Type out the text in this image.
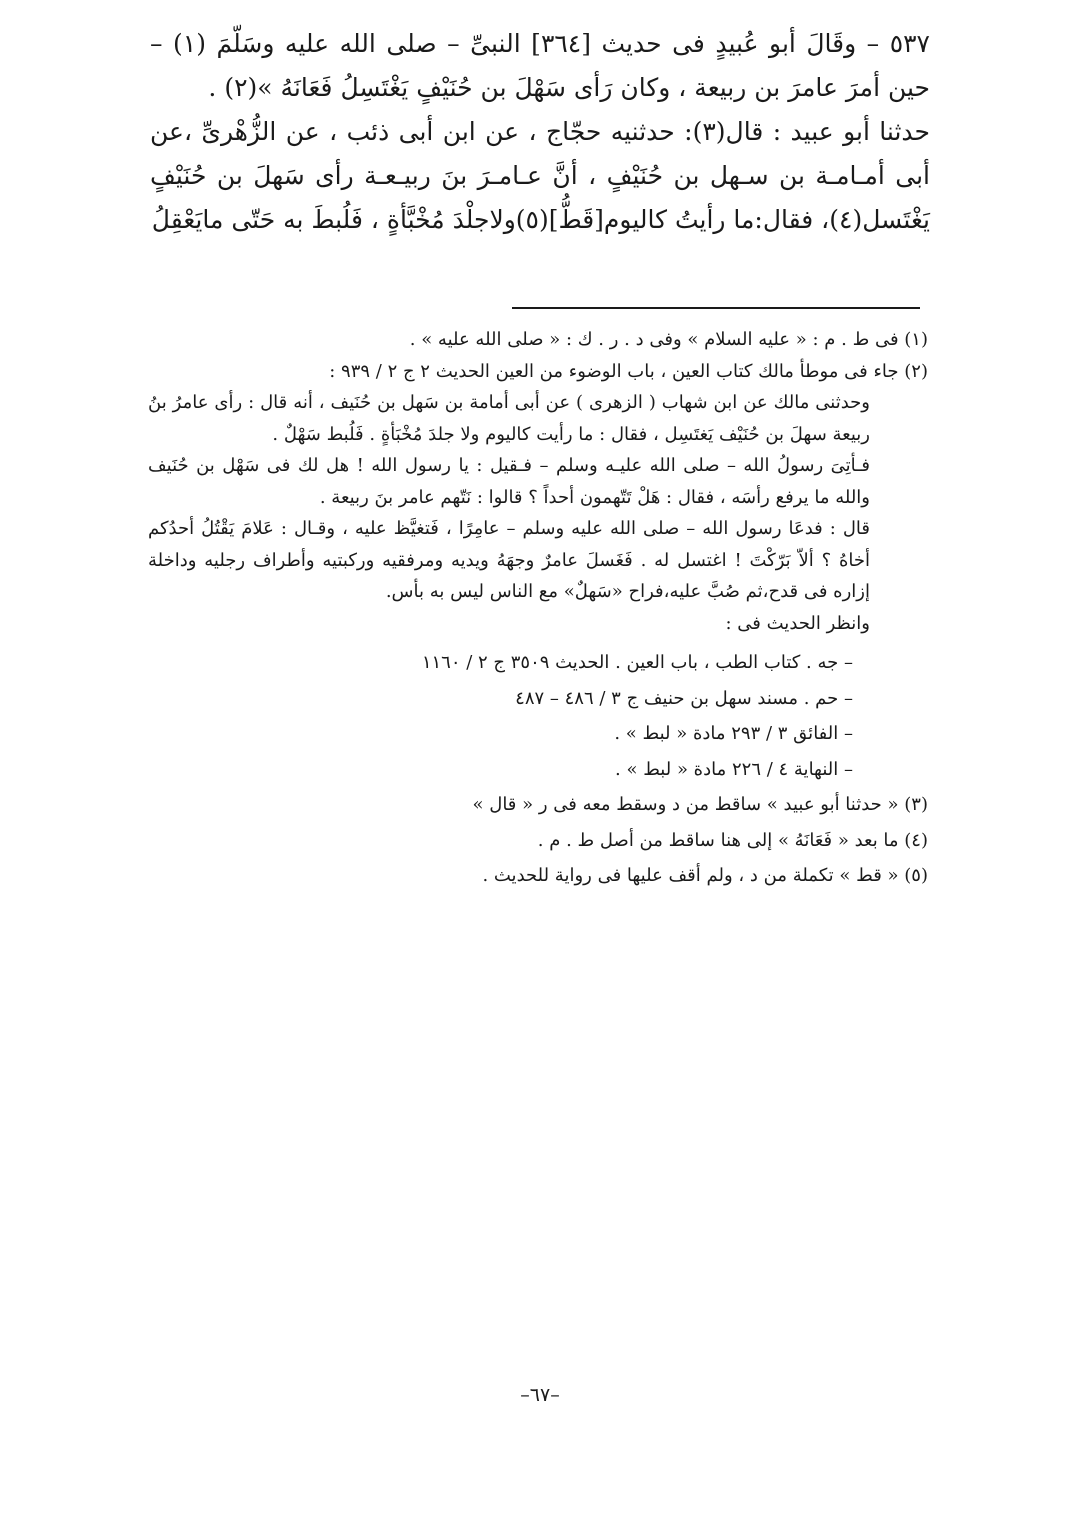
٥٣٧ – وقَالَ أبو عُبيدٍ فى حديث [٣٦٤] النبىِّ – صلى الله عليه وسَلّمَ (١) – حين أمرَ عامرَ بن ربيعة ، وكان رَأى سَهْلَ بن حُنَيْفٍ يَغْتَسِلُ فَعَانَهُ »(٢) .

حدثنا أبو عبيد : قال(٣): حدثنيه حجّاج ، عن ابن أبى ذئب ، عن الزُّهْرىِّ ،عن أبى أمـامـة بن سـهل بن حُنَيْفٍ ، أنَّ عـامـرَ بنَ ربيـعـة رأى سَهلَ بن حُنَيْفٍ يَغْتَسل(٤)، فقال:ما رأيتُ كاليوم[قَطُّ](٥)ولاجلْدَ مُخْبَّأةٍ ، فَلُبطَ به حَتّى مايَعْقِلُ

(١) فى ط . م : « عليه السلام » وفى د . ر . ك : « صلى الله عليه » .

(٢) جاء فى موطأ مالك كتاب العين ، باب الوضوء من العين الحديث ٢ ج ٢ / ٩٣٩ :

وحدثنى مالك عن ابن شهاب ( الزهرى ) عن أبى أمامة بن سَهل بن حُنَيف ، أنه قال : رأى عامرُ بنُ ربيعة سهلَ بن حُنَيْف يَغتَسِل ، فقال : ما رأيت كاليوم ولا جلدَ مُخْبَأةٍ . فَلُبط سَهْلٌ .

فـأتِىَ رسولُ الله – صلى الله عليـه وسلم – فـقيل : يا رسول الله ! هل لك فى سَهْل بن حُنَيف والله ما يرفع رأسَه ، فقال : هَلْ تَتّهمون أحداً ؟ قالوا : نَتّهم عامر بنَ ربيعة .

قال : فدعَا رسول الله – صلى الله عليه وسلم – عامِرًا ، فَتغيَّظ عليه ، وقـال : عَلامَ يَقْتُلُ أحدُكم أخاهُ ؟ ألاّ بَرّكْتَ ! اغتسل له . فَغَسلَ عامرٌ وجهَهُ ويديه ومرفقيه وركبتيه وأطراف رجليه وداخلة إزاره فى قدح،ثم صُبَّ عليه،فراح «سَهلٌ» مع الناس ليس به بأس.

وانظر الحديث فى :

– جه . كتاب الطب ، باب العين . الحديث ٣٥٠٩ ج ٢ / ١١٦٠

– حم . مسند سهل بن حنيف ج ٣ / ٤٨٦ – ٤٨٧

– الفائق ٣ / ٢٩٣ مادة « لبط » .

– النهاية ٤ / ٢٢٦ مادة « لبط » .

(٣) « حدثنا أبو عبيد » ساقط من د وسقط معه فى ر « قال »

(٤) ما بعد « فَعَانَهُ » إلى هنا ساقط من أصل ط . م .

(٥) « قط » تكملة من د ، ولم أقف عليها فى رواية للحديث .

–٦٧–
